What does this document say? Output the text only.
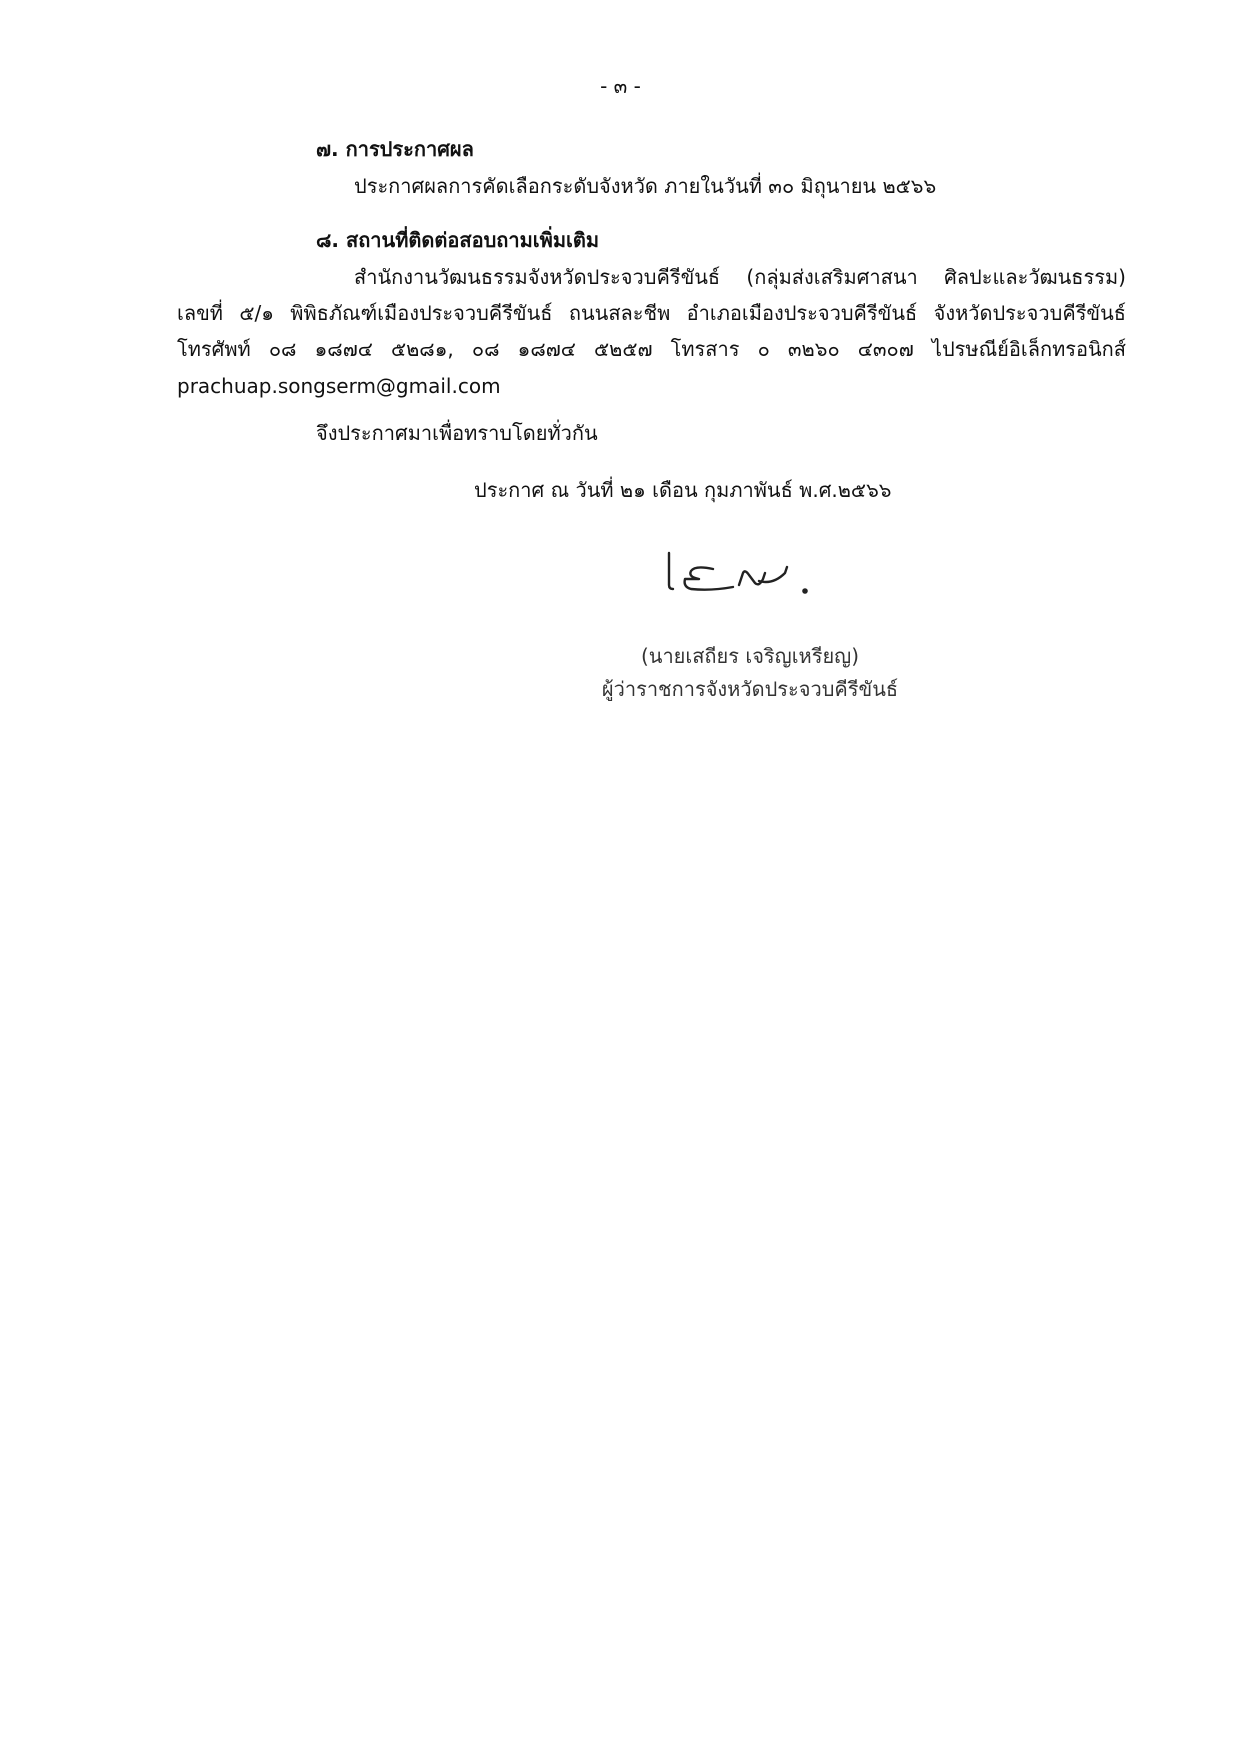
- ๓ -
๗. การประกาศผล
ประกาศผลการคัดเลือกระดับจังหวัด ภายในวันที่ ๓๐ มิถุนายน ๒๕๖๖
๘. สถานที่ติดต่อสอบถามเพิ่มเติม
สำนักงานวัฒนธรรมจังหวัดประจวบคีรีขันธ์ (กลุ่มส่งเสริมศาสนา ศิลปะและวัฒนธรรม)
เลขที่ ๕/๑ พิพิธภัณฑ์เมืองประจวบคีรีขันธ์ ถนนสละชีพ อำเภอเมืองประจวบคีรีขันธ์ จังหวัดประจวบคีรีขันธ์
โทรศัพท์ ๐๘ ๑๘๗๔ ๕๒๘๑, ๐๘ ๑๘๗๔ ๕๒๕๗ โทรสาร ๐ ๓๒๖๐ ๔๓๐๗ ไปรษณีย์อิเล็กทรอนิกส์
prachuap.songserm@gmail.com
จึงประกาศมาเพื่อทราบโดยทั่วกัน
ประกาศ ณ วันที่ ๒๑ เดือน กุมภาพันธ์ พ.ศ.๒๕๖๖
(นายเสถียร เจริญเหรียญ)
ผู้ว่าราชการจังหวัดประจวบคีรีขันธ์
